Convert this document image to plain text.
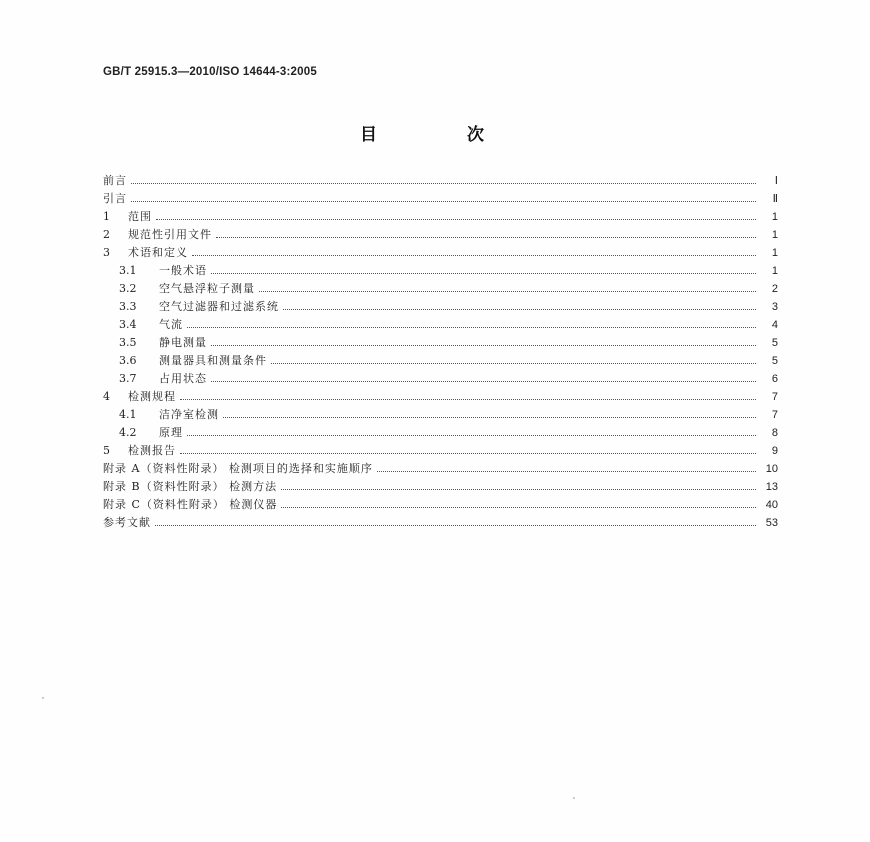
GB/T 25915.3—2010/ISO 14644-3:2005
目 次
前言	Ⅰ
引言	Ⅱ
1	范围	1
2	规范性引用文件	1
3	术语和定义	1
3.1	一般术语	1
3.2	空气悬浮粒子测量	2
3.3	空气过滤器和过滤系统	3
3.4	气流	4
3.5	静电测量	5
3.6	测量器具和测量条件	5
3.7	占用状态	6
4	检测规程	7
4.1	洁净室检测	7
4.2	原理	8
5	检测报告	9
附录 A（资料性附录） 检测项目的选择和实施顺序	10
附录 B（资料性附录） 检测方法	13
附录 C（资料性附录） 检测仪器	40
参考文献	53
